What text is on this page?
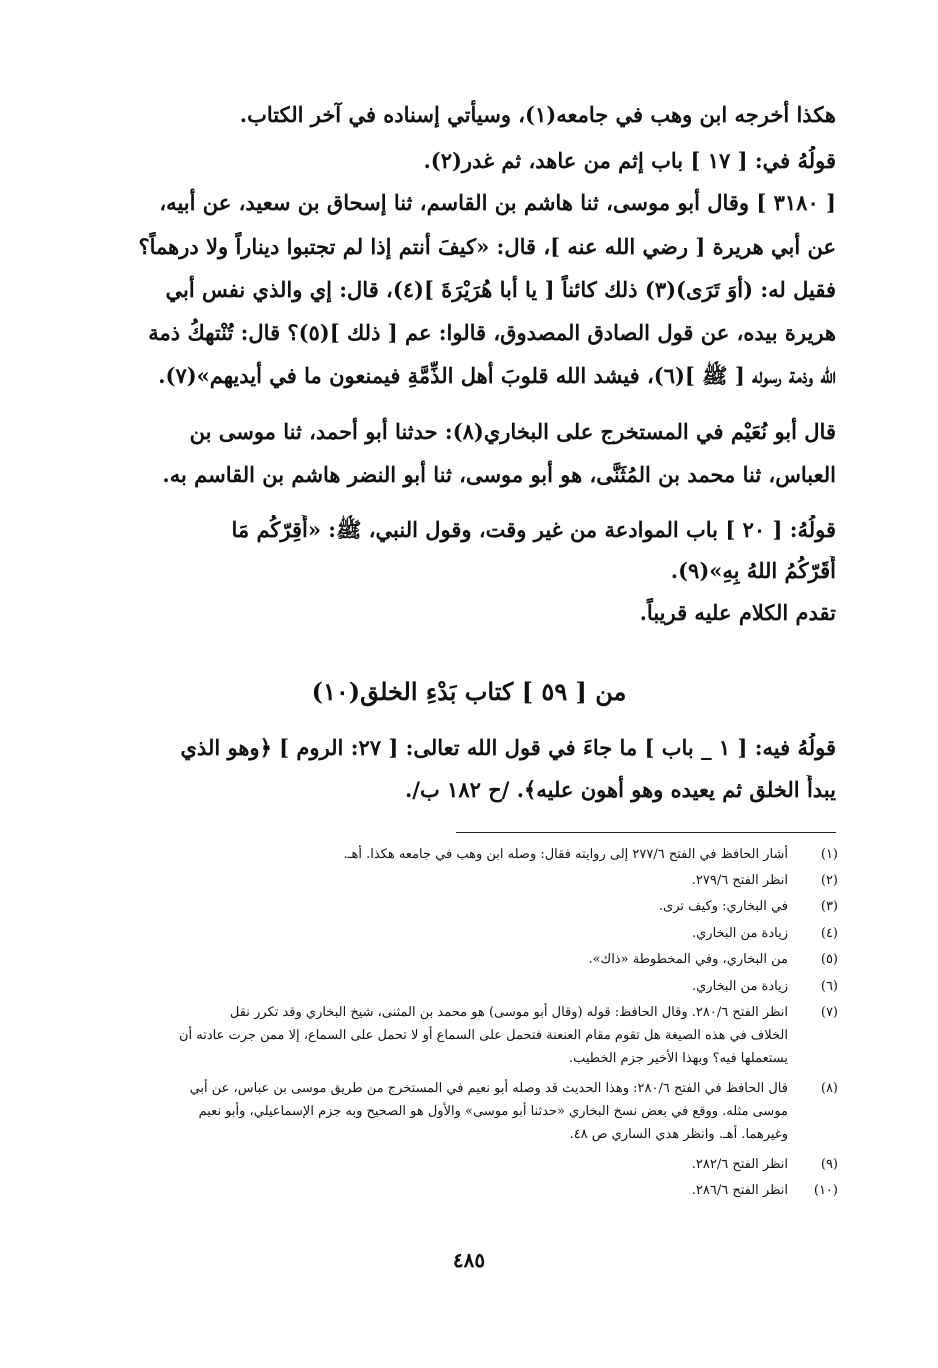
هكذا أخرجه ابن وهب في جامعه(١)، وسيأتي إسناده في آخر الكتاب.
قولُهُ في: [ ١٧ ] باب إثم من عاهد، ثم غدر(٢).
[ ٣١٨٠ ] وقال أبو موسى، ثنا هاشم بن القاسم، ثنا إسحاق بن سعيد، عن أبيه،
عن أبي هريرة [ رضي الله عنه ]، قال: «كيفَ أنتم إذا لم تجتبوا ديناراً ولا درهماً؟
فقيل له: (أوَ تَرَى)(٣) ذلك كائناً [ يا أبا هُرَيْرَةَ ](٤)، قال: إي والذي نفس أبي
هريرة بيده، عن قول الصادق المصدوق، قالوا: عم [ ذلك ](٥)؟ قال: تُنْتهكُ ذمة
الله وذمة رسوله [ ﷺ ](٦)، فيشد الله قلوبَ أهل الذِّمَّةِ فيمنعون ما في أيديهم»(٧).
قال أبو نُعَيْم في المستخرج على البخاري(٨): حدثنا أبو أحمد، ثنا موسى بن
العباس، ثنا محمد بن المُثَنَّى، هو أبو موسى، ثنا أبو النضر هاشم بن القاسم به.
قولُهُ: [ ٢٠ ] باب الموادعة من غير وقت، وقول النبي، ﷺ: «أُقِرّكُم مَا
أَقَرّكُمُ اللهُ بِهِ»(٩).
تقدم الكلام عليه قريباً.
من [ ٥٩ ] كتاب بَدْءِ الخلق(١٠)
قولُهُ فيه: [ ١ _ باب ] ما جاءَ في قول الله تعالى: [ ٢٧: الروم ] ﴿وهو الذي
يبدأُ الخلق ثم يعيده وهو أهون عليه﴾. /ح ١٨٢ ب/.
(١)
أشار الحافظ في الفتح ٢٧٧/٦ إلى روايته فقال: وصله ابن وهب في جامعه هكذا. أهـ.
(٢)
انظر الفتح ٢٧٩/٦.
(٣)
في البخاري: وكيف ترى.
(٤)
زيادة من البخاري.
(٥)
من البخاري، وفي المخطوطة «ذاك».
(٦)
زيادة من البخاري.
(٧)
انظر الفتح ٢٨٠/٦. وقال الحافظ: قوله (وقال أبو موسى) هو محمد بن المثنى، شيخ البخاري وقد تكرر نقل
الخلاف في هذه الصيغة هل تقوم مقام العنعنة فتحمل على السماع أو لا تحمل على السماع، إلا ممن جرت عادته أن
يستعملها فيه؟ وبهذا الأخير جزم الخطيب.
(٨)
قال الحافظ في الفتح ٢٨٠/٦: وهذا الحديث قد وصله أبو نعيم في المستخرج من طريق موسى بن عباس، عن أبي
موسى مثله. ووقع في بعض نسخ البخاري «حدثنا أبو موسى» والأول هو الصحيح وبه جزم الإسماعيلي، وأبو نعيم
وغيرهما. أهـ. وانظر هدي الساري ص ٤٨.
(٩)
انظر الفتح ٢٨٢/٦.
(١٠)
انظر الفتح ٢٨٦/٦.
٤٨٥
